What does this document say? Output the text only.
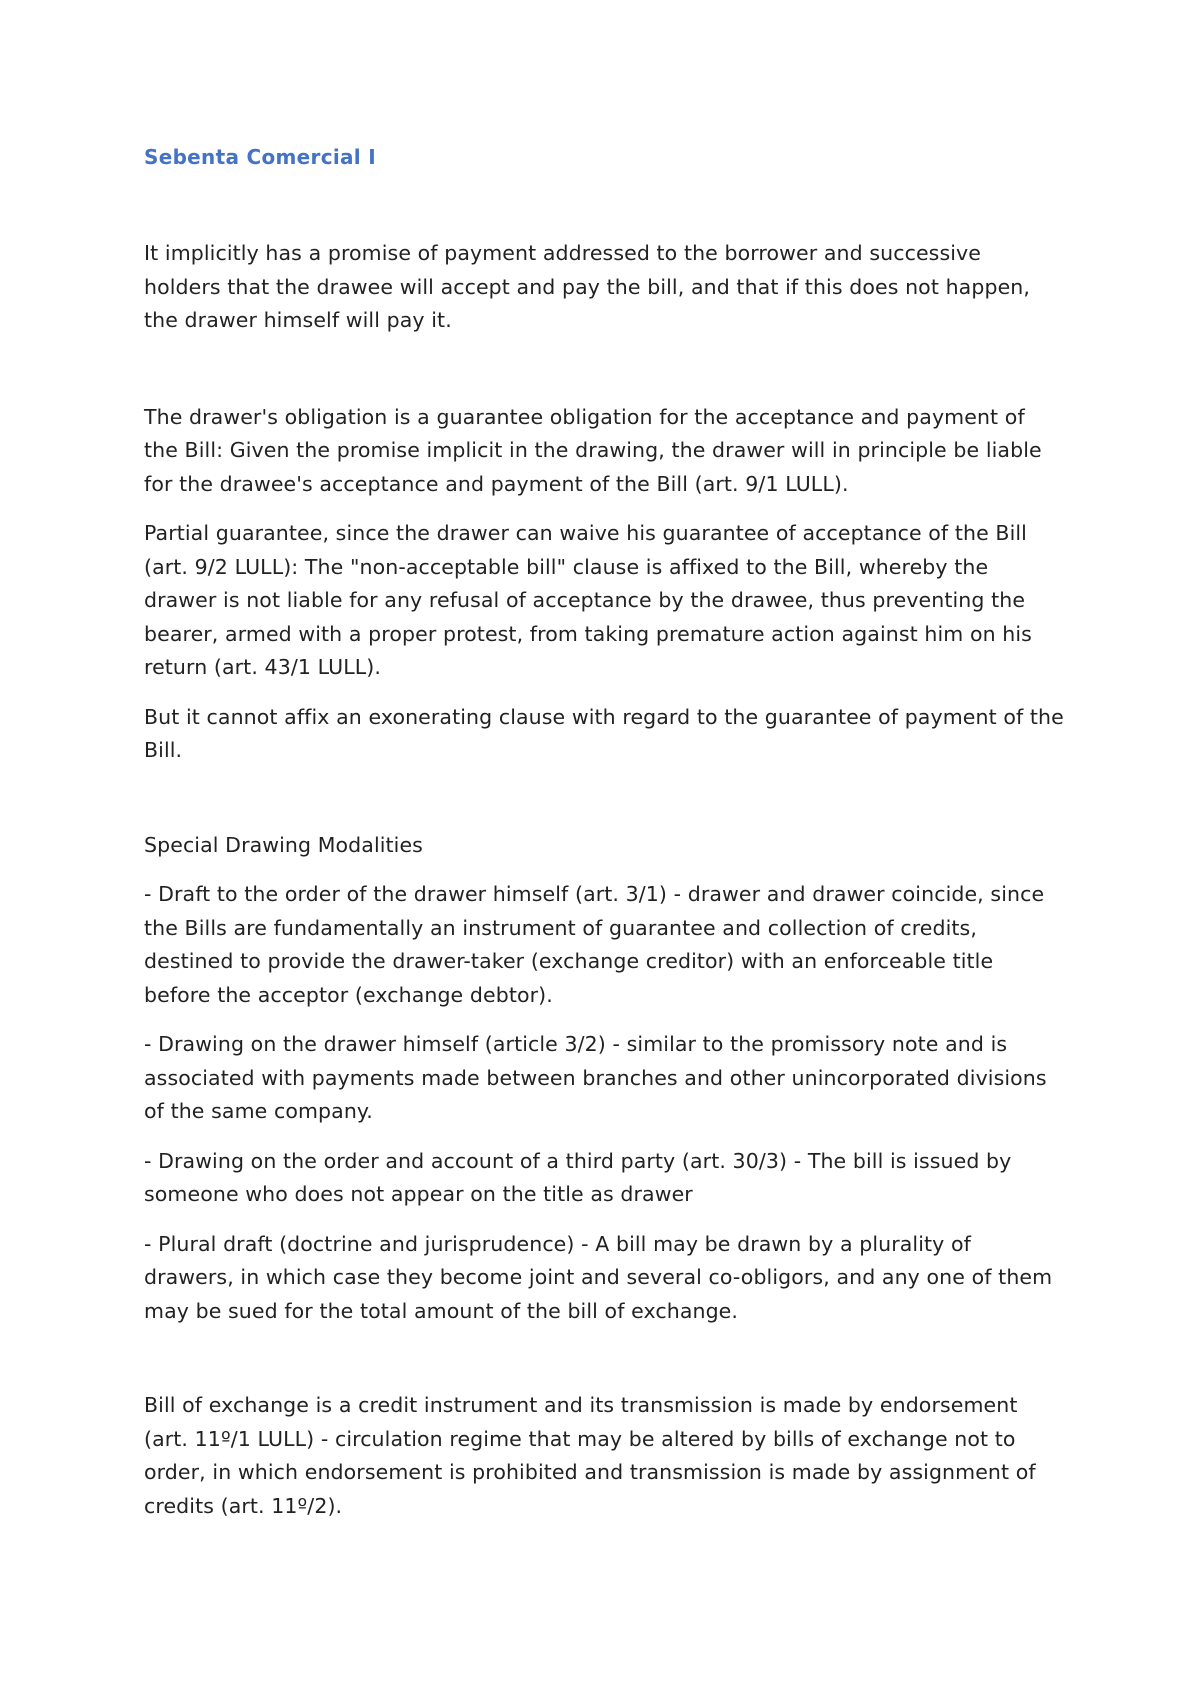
Sebenta Comercial I

It implicitly has a promise of payment addressed to the borrower and successive holders that the drawee will accept and pay the bill, and that if this does not happen, the drawer himself will pay it.

The drawer's obligation is a guarantee obligation for the acceptance and payment of the Bill: Given the promise implicit in the drawing, the drawer will in principle be liable for the drawee's acceptance and payment of the Bill (art. 9/1 LULL).

Partial guarantee, since the drawer can waive his guarantee of acceptance of the Bill (art. 9/2 LULL): The "non-acceptable bill" clause is affixed to the Bill, whereby the drawer is not liable for any refusal of acceptance by the drawee, thus preventing the bearer, armed with a proper protest, from taking premature action against him on his return (art. 43/1 LULL).

But it cannot affix an exonerating clause with regard to the guarantee of payment of the Bill.

Special Drawing Modalities

- Draft to the order of the drawer himself (art. 3/1) - drawer and drawer coincide, since the Bills are fundamentally an instrument of guarantee and collection of credits, destined to provide the drawer-taker (exchange creditor) with an enforceable title before the acceptor (exchange debtor).

- Drawing on the drawer himself (article 3/2) - similar to the promissory note and is associated with payments made between branches and other unincorporated divisions of the same company.

- Drawing on the order and account of a third party (art. 30/3) - The bill is issued by someone who does not appear on the title as drawer

- Plural draft (doctrine and jurisprudence) - A bill may be drawn by a plurality of drawers, in which case they become joint and several co-obligors, and any one of them may be sued for the total amount of the bill of exchange.

Bill of exchange is a credit instrument and its transmission is made by endorsement (art. 11º/1 LULL) - circulation regime that may be altered by bills of exchange not to order, in which endorsement is prohibited and transmission is made by assignment of credits (art. 11º/2).
